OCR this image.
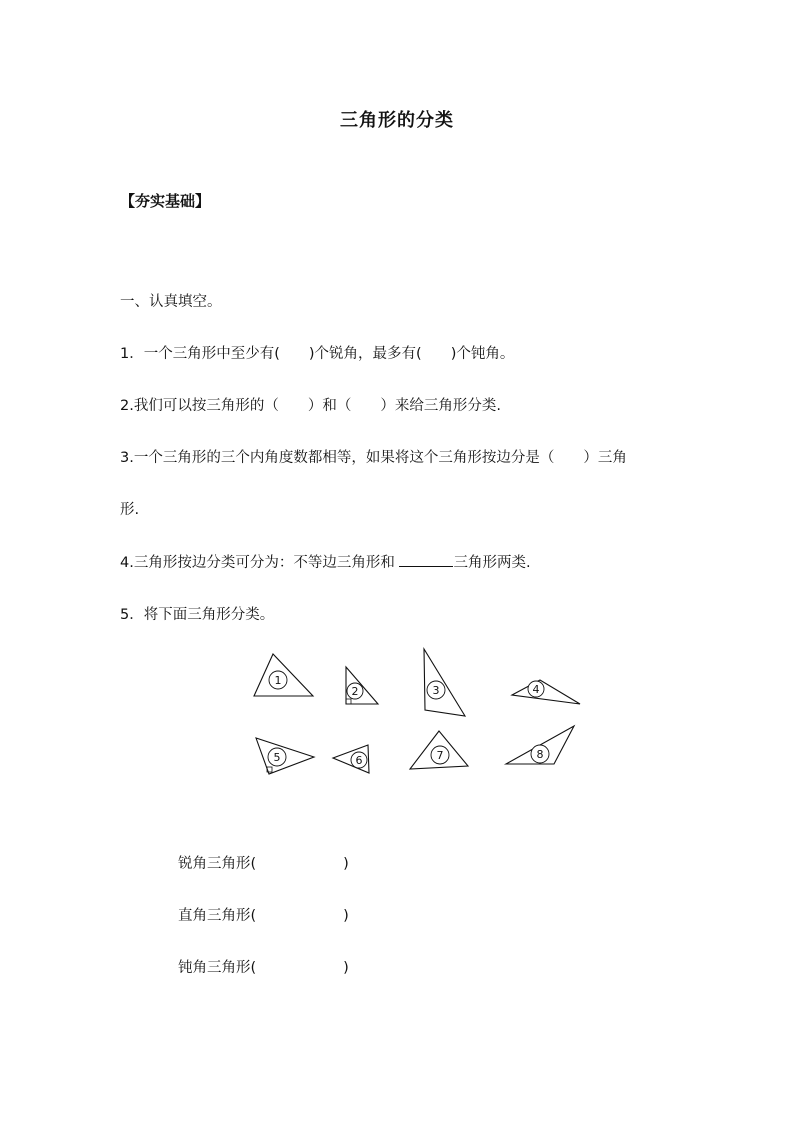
三角形的分类
【夯实基础】
一、认真填空。
1．一个三角形中至少有(　　)个锐角，最多有(　　)个钝角。
2.我们可以按三角形的（　　）和（　　）来给三角形分类.
3.一个三角形的三个内角度数都相等，如果将这个三角形按边分是（　　）三角
形.
4.三角形按边分类可分为：不等边三角形和	三角形两类.
5．将下面三角形分类。
1
2	3	4
5	6	7	8
锐角三角形(　　　　　　)
直角三角形(　　　　　　)
钝角三角形(　　　　　　)
